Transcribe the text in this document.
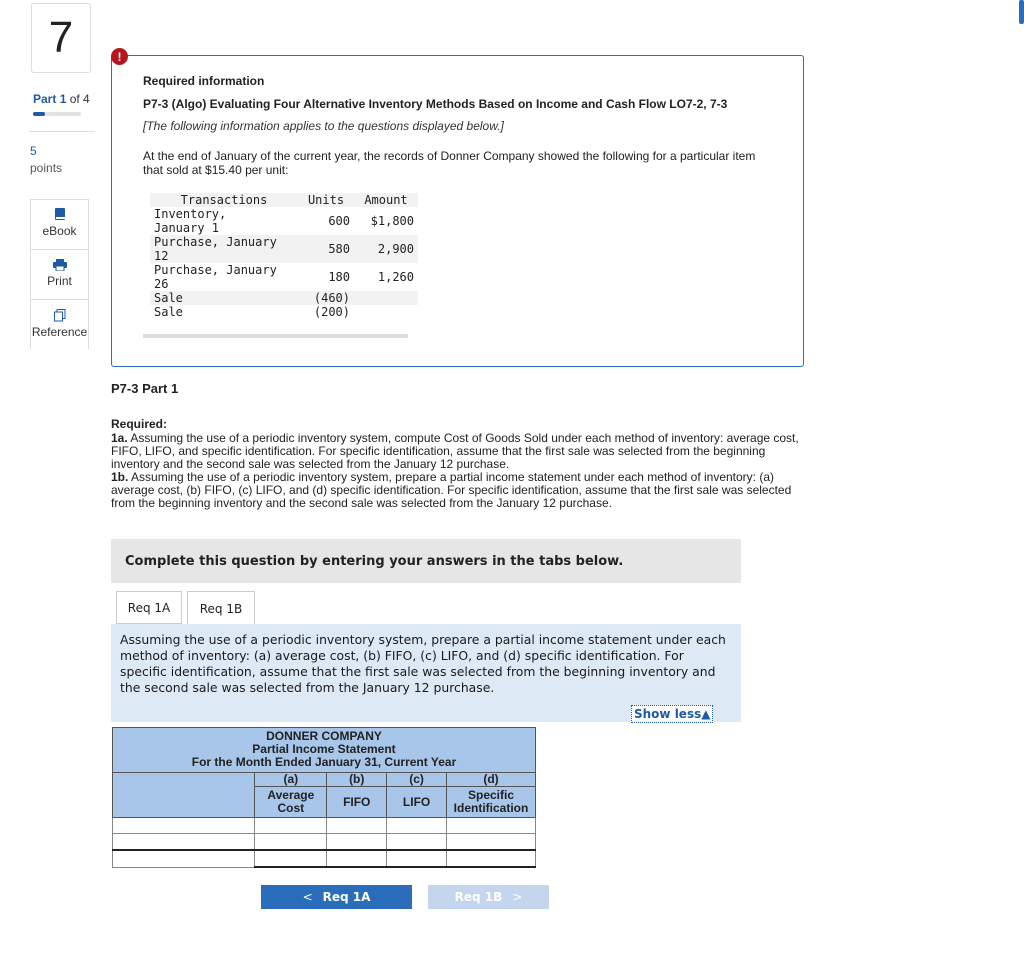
7
Part 1 of 4
5
points
eBook
Print
Reference
!
Required information
P7-3 (Algo) Evaluating Four Alternative Inventory Methods Based on Income and Cash Flow LO7-2, 7-3
[The following information applies to the questions displayed below.]
At the end of January of the current year, the records of Donner Company showed the following for a particular item that sold at $15.40 per unit:
Transactions	Units	Amount
Inventory,
January 1	600	$1,800
Purchase, January
12	580	2,900
Purchase, January
26	180	1,260
Sale	(460)	
Sale	(200)	
P7-3 Part 1
Required:
1a. Assuming the use of a periodic inventory system, compute Cost of Goods Sold under each method of inventory: average cost, FIFO, LIFO, and specific identification. For specific identification, assume that the first sale was selected from the beginning inventory and the second sale was selected from the January 12 purchase.
1b. Assuming the use of a periodic inventory system, prepare a partial income statement under each method of inventory: (a) average cost, (b) FIFO, (c) LIFO, and (d) specific identification. For specific identification, assume that the first sale was selected from the beginning inventory and the second sale was selected from the January 12 purchase.
Complete this question by entering your answers in the tabs below.
Req 1A	Req 1B
Assuming the use of a periodic inventory system, prepare a partial income statement under each method of inventory: (a) average cost, (b) FIFO, (c) LIFO, and (d) specific identification. For specific identification, assume that the first sale was selected from the beginning inventory and the second sale was selected from the January 12 purchase.
Show less▲
DONNER COMPANY				
Partial Income Statement				
For the Month Ended January 31, Current Year				
	(a)	(b)	(c)	(d)
	Average
Cost	FIFO	LIFO	Specific
Identification

< Req 1A	Req 1B >
